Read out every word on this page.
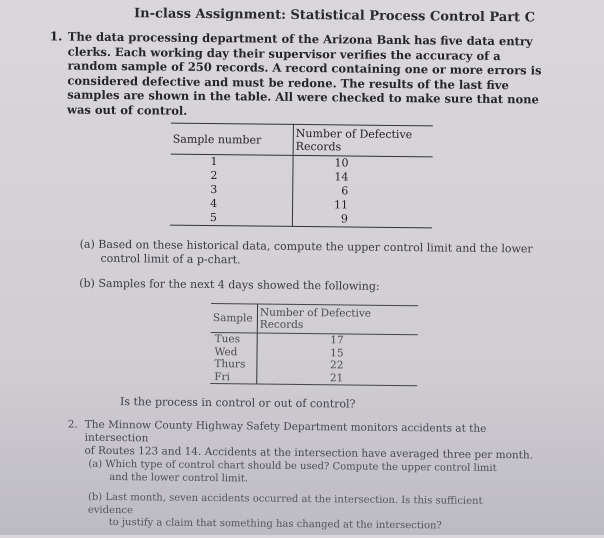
In-class Assignment: Statistical Process Control Part C
1. The data processing department of the Arizona Bank has five data entry clerks. Each working day their supervisor verifies the accuracy of a random sample of 250 records. A record containing one or more errors is considered defective and must be redone. The results of the last five samples are shown in the table. All were checked to make sure that none was out of control.
Sample number	Number of Defective Records
1	10
2	14
3	6
4	11
5	9
(a) Based on these historical data, compute the upper control limit and the lower
control limit of a p-chart.
(b) Samples for the next 4 days showed the following:
Sample	Number of Defective Records
Tues	17
Wed	15
Thurs	22
Fri	21
Is the process in control or out of control?
2. The Minnow County Highway Safety Department monitors accidents at the intersection
of Routes 123 and 14. Accidents at the intersection have averaged three per month.
(a) Which type of control chart should be used? Compute the upper control limit
and the lower control limit.
(b) Last month, seven accidents occurred at the intersection. Is this sufficient evidence
to justify a claim that something has changed at the intersection?
